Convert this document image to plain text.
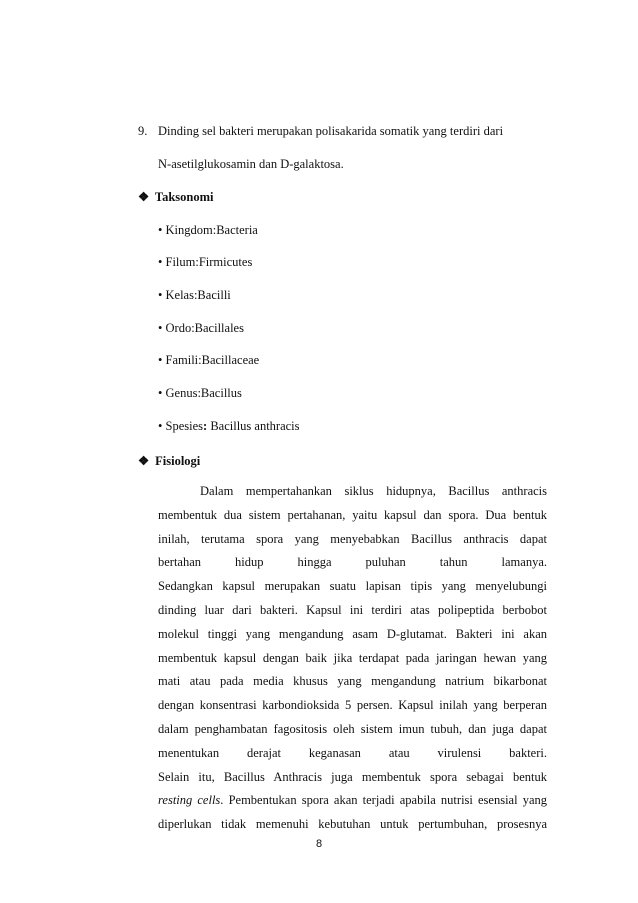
9. Dinding sel bakteri merupakan polisakarida somatik yang terdiri dari
N-asetilglukosamin dan D-galaktosa.
❖ Taksonomi
• Kingdom:Bacteria
• Filum:Firmicutes
• Kelas:Bacilli
• Ordo:Bacillales
• Famili:Bacillaceae
• Genus:Bacillus
• Spesies: Bacillus anthracis
❖ Fisiologi
Dalam mempertahankan siklus hidupnya, Bacillus anthracis
membentuk dua sistem pertahanan, yaitu kapsul dan spora. Dua bentuk
inilah, terutama spora yang menyebabkan Bacillus anthracis dapat
bertahan hidup hingga puluhan tahun lamanya.
Sedangkan kapsul merupakan suatu lapisan tipis yang menyelubungi
dinding luar dari bakteri. Kapsul ini terdiri atas polipeptida berbobot
molekul tinggi yang mengandung asam D-glutamat. Bakteri ini akan
membentuk kapsul dengan baik jika terdapat pada jaringan hewan yang
mati atau pada media khusus yang mengandung natrium bikarbonat
dengan konsentrasi karbondioksida 5 persen. Kapsul inilah yang berperan
dalam penghambatan fagositosis oleh sistem imun tubuh, dan juga dapat
menentukan derajat keganasan atau virulensi bakteri.
Selain itu, Bacillus Anthracis juga membentuk spora sebagai bentuk
resting cells. Pembentukan spora akan terjadi apabila nutrisi esensial yang
diperlukan tidak memenuhi kebutuhan untuk pertumbuhan, prosesnya
8
